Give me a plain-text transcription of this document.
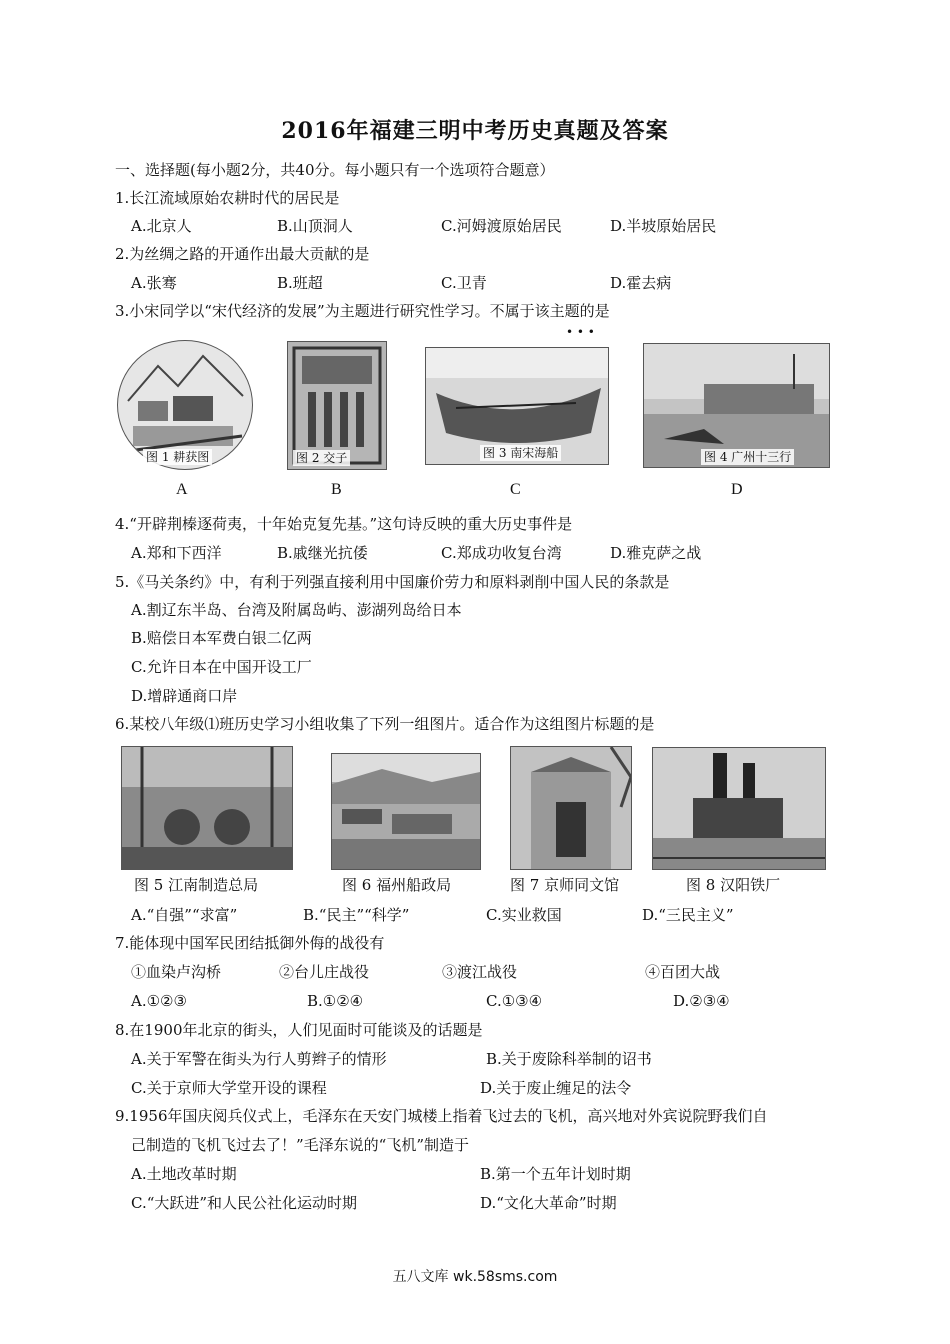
2016年福建三明中考历史真题及答案
一、选择题(每小题2分，共40分。每小题只有一个选项符合题意）
1.长江流域原始农耕时代的居民是
A.北京人	B.山顶洞人	C.河姆渡原始居民	D.半坡原始居民
2.为丝绸之路的开通作出最大贡献的是
A.张骞	B.班超	C.卫青	D.霍去病
3.小宋同学以“宋代经济的发展”为主题进行研究性学习。不属于该主题的是
• • •
图 1 耕获图
A
图 2 交子
B
图 3 南宋海船
C
图 4 广州十三行
D
4.“开辟荆榛逐荷夷，十年始克复先基。”这句诗反映的重大历史事件是
A.郑和下西洋	B.戚继光抗倭	C.郑成功收复台湾	D.雅克萨之战
5.《马关条约》中，有利于列强直接利用中国廉价劳力和原料剥削中国人民的条款是
A.割辽东半岛、台湾及附属岛屿、澎湖列岛给日本
B.赔偿日本军费白银二亿两
C.允许日本在中国开设工厂
D.增辟通商口岸
6.某校八年级⑴班历史学习小组收集了下列一组图片。适合作为这组图片标题的是
图 5 江南制造总局	图 6 福州船政局	图 7 京师同文馆	图 8 汉阳铁厂
A.“自强”“求富”	B.“民主”“科学”	C.实业救国	D.“三民主义”
7.能体现中国军民团结抵御外侮的战役有
①血染卢沟桥	②台儿庄战役	③渡江战役	④百团大战
A.①②③	B.①②④	C.①③④	D.②③④
8.在1900年北京的街头，人们见面时可能谈及的话题是
A.关于军警在街头为行人剪辫子的情形	B.关于废除科举制的诏书
C.关于京师大学堂开设的课程	D.关于废止缠足的法令
9.1956年国庆阅兵仪式上，毛泽东在天安门城楼上指着飞过去的飞机，高兴地对外宾说院野我们自
己制造的飞机飞过去了！”毛泽东说的“飞机”制造于
A.土地改革时期	B.第一个五年计划时期
C.“大跃进”和人民公社化运动时期	D.“文化大革命”时期
五八文库 wk.58sms.com
